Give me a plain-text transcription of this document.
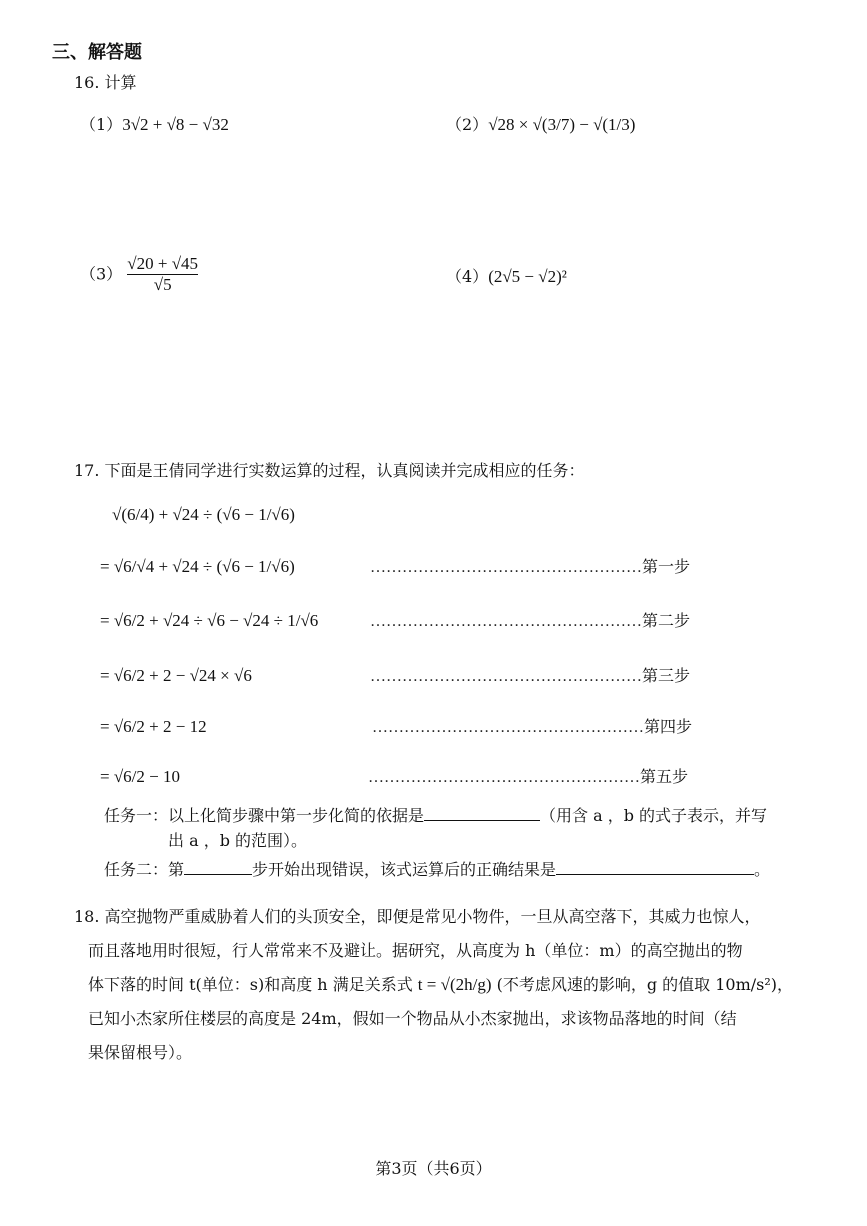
三、解答题
16. 计算
（1）3√2 + √8 − √32	（2）√28 × √(3/7) − √(1/3)
$(3) \frac{√20 + √45}{√5}$	（4）(2√5 − √2)²
17. 下面是王倩同学进行实数运算的过程，认真阅读并完成相应的任务：
√(6/4) + √24 ÷ (√6 − 1/√6)
= √6/√4 + √24 ÷ (√6 − 1/√6)	……………………………………………第一步
= √6/2 + √24 ÷ √6 − √24 ÷ 1/√6	……………………………………………第二步
= √6/2 + 2 − √24 × √6	……………………………………………第三步
= √6/2 + 2 − 12	……………………………………………第四步
= √6/2 − 10	……………………………………………第五步
任务一：以上化简步骤中第一步化简的依据是	（用含 a ，b 的式子表示，并写
出 a ，b 的范围）。
任务二：第	步开始出现错误，该式运算后的正确结果是	。
18. 高空抛物严重威胁着人们的头顶安全，即便是常见小物件，一旦从高空落下，其威力也惊人，
而且落地用时很短，行人常常来不及避让。据研究，从高度为 h（单位：m）的高空抛出的物
体下落的时间 t(单位：s)和高度 h 满足关系式 t = √(2h/g) (不考虑风速的影响，g 的值取 10m/s²)，
已知小杰家所住楼层的高度是 24m，假如一个物品从小杰家抛出，求该物品落地的时间（结
果保留根号）。
第3页（共6页）
